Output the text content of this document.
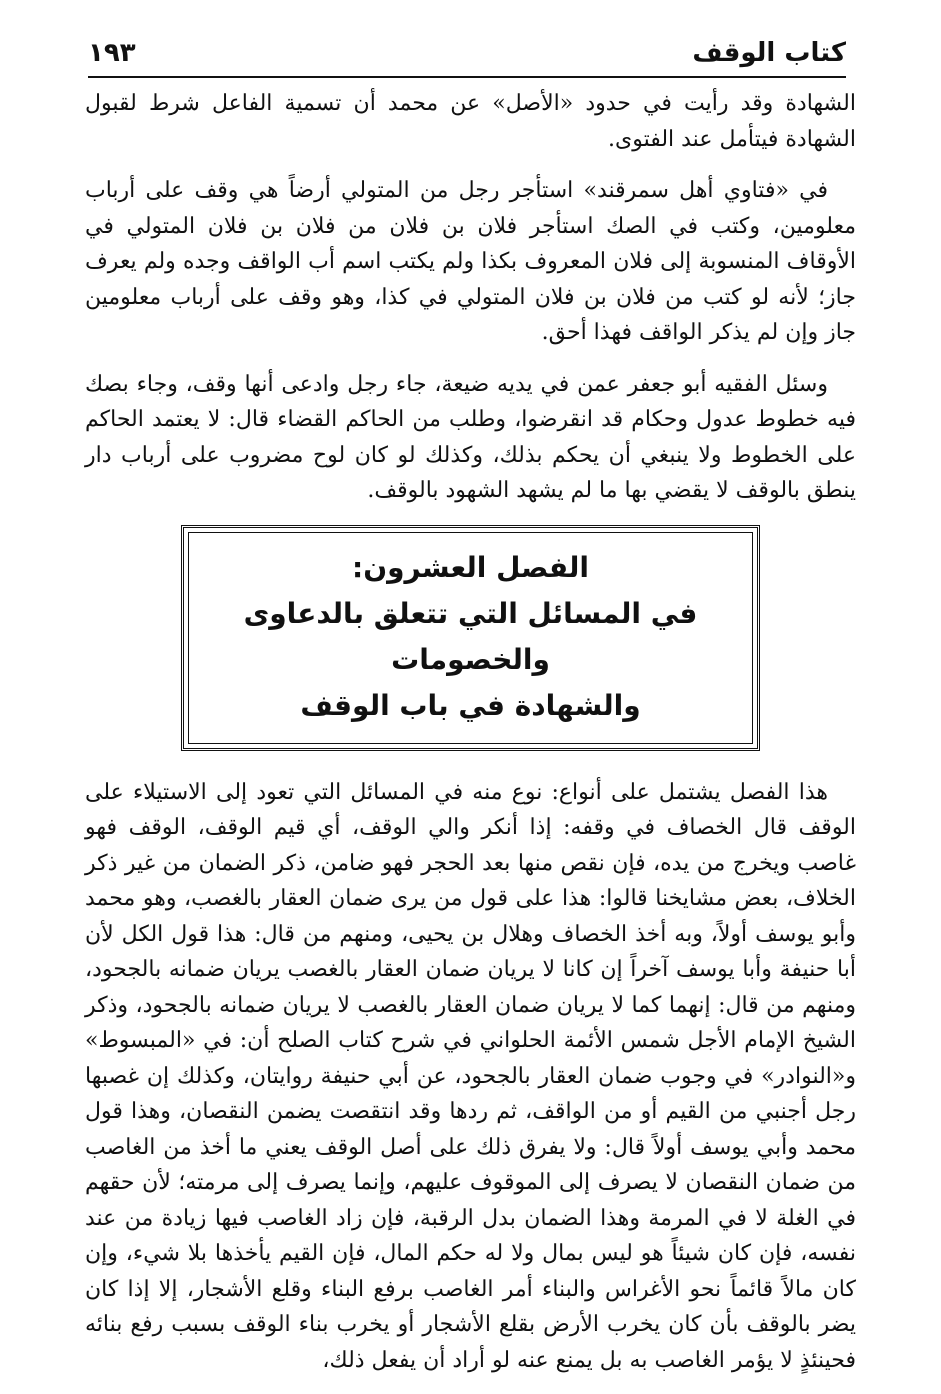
كتاب الوقف
١٩٣

الشهادة وقد رأيت في حدود «الأصل» عن محمد أن تسمية الفاعل شرط لقبول الشهادة فيتأمل عند الفتوى.

في «فتاوي أهل سمرقند» استأجر رجل من المتولي أرضاً هي وقف على أرباب معلومين، وكتب في الصك استأجر فلان بن فلان من فلان بن فلان المتولي في الأوقاف المنسوبة إلى فلان المعروف بكذا ولم يكتب اسم أب الواقف وجده ولم يعرف جاز؛ لأنه لو كتب من فلان بن فلان المتولي في كذا، وهو وقف على أرباب معلومين جاز وإن لم يذكر الواقف فهذا أحق.

وسئل الفقيه أبو جعفر عمن في يديه ضيعة، جاء رجل وادعى أنها وقف، وجاء بصك فيه خطوط عدول وحكام قد انقرضوا، وطلب من الحاكم القضاء قال: لا يعتمد الحاكم على الخطوط ولا ينبغي أن يحكم بذلك، وكذلك لو كان لوح مضروب على أرباب دار ينطق بالوقف لا يقضي بها ما لم يشهد الشهود بالوقف.

الفصل العشرون:
في المسائل التي تتعلق بالدعاوى والخصومات
والشهادة في باب الوقف

هذا الفصل يشتمل على أنواع: نوع منه في المسائل التي تعود إلى الاستيلاء على الوقف قال الخصاف في وقفه: إذا أنكر والي الوقف، أي قيم الوقف، الوقف فهو غاصب ويخرج من يده، فإن نقص منها بعد الحجر فهو ضامن، ذكر الضمان من غير ذكر الخلاف، بعض مشايخنا قالوا: هذا على قول من يرى ضمان العقار بالغصب، وهو محمد وأبو يوسف أولاً، وبه أخذ الخصاف وهلال بن يحيى، ومنهم من قال: هذا قول الكل لأن أبا حنيفة وأبا يوسف آخراً إن كانا لا يريان ضمان العقار بالغصب يريان ضمانه بالجحود، ومنهم من قال: إنهما كما لا يريان ضمان العقار بالغصب لا يريان ضمانه بالجحود، وذكر الشيخ الإمام الأجل شمس الأئمة الحلواني في شرح كتاب الصلح أن: في «المبسوط» و«النوادر» في وجوب ضمان العقار بالجحود، عن أبي حنيفة روايتان، وكذلك إن غصبها رجل أجنبي من القيم أو من الواقف، ثم ردها وقد انتقصت يضمن النقصان، وهذا قول محمد وأبي يوسف أولاً قال: ولا يفرق ذلك على أصل الوقف يعني ما أخذ من الغاصب من ضمان النقصان لا يصرف إلى الموقوف عليهم، وإنما يصرف إلى مرمته؛ لأن حقهم في الغلة لا في المرمة وهذا الضمان بدل الرقبة، فإن زاد الغاصب فيها زيادة من عند نفسه، فإن كان شيئاً هو ليس بمال ولا له حكم المال، فإن القيم يأخذها بلا شيء، وإن كان مالاً قائماً نحو الأغراس والبناء أمر الغاصب برفع البناء وقلع الأشجار، إلا إذا كان يضر بالوقف بأن كان يخرب الأرض بقلع الأشجار أو يخرب بناء الوقف بسبب رفع بنائه فحينئذٍ لا يؤمر الغاصب به بل يمنع عنه لو أراد أن يفعل ذلك،
